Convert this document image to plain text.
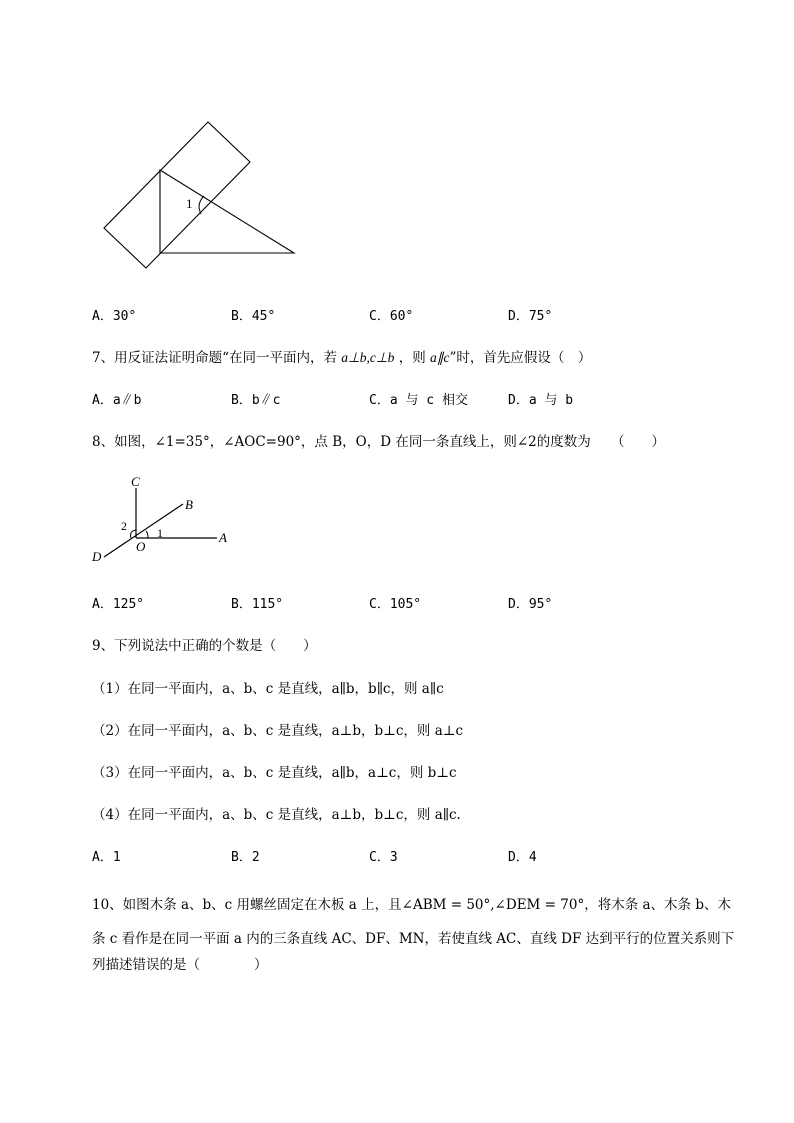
1
A．30°	B．45°	C．60°	D．75°
7、用反证法证明命题“在同一平面内，若 a⊥b,c⊥b ，则 a∥c”时，首先应假设（　）
A．a∥b	B．b∥c	C．a 与 c 相交	D．a 与 b
8、如图，∠1=35°，∠AOC=90°，点 B，O，D 在同一条直线上，则∠2的度数为　　（　　）
C
B
A
D
O
1
2
A．125°	B．115°	C．105°	D．95°
9、下列说法中正确的个数是（　　）
（1）在同一平面内，a、b、c 是直线，a∥b，b∥c，则 a∥c
（2）在同一平面内，a、b、c 是直线，a⊥b，b⊥c，则 a⊥c
（3）在同一平面内，a、b、c 是直线，a∥b，a⊥c，则 b⊥c
（4）在同一平面内，a、b、c 是直线，a⊥b，b⊥c，则 a∥c.
A．1	B．2	C．3	D．4
10、如图木条 a、b、c 用螺丝固定在木板 a 上，且∠ABM = 50°,∠DEM = 70°，将木条 a、木条 b、木
条 c 看作是在同一平面 a 内的三条直线 AC、DF、MN，若使直线 AC、直线 DF 达到平行的位置关系则下
列描述错误的是（　　　　）
